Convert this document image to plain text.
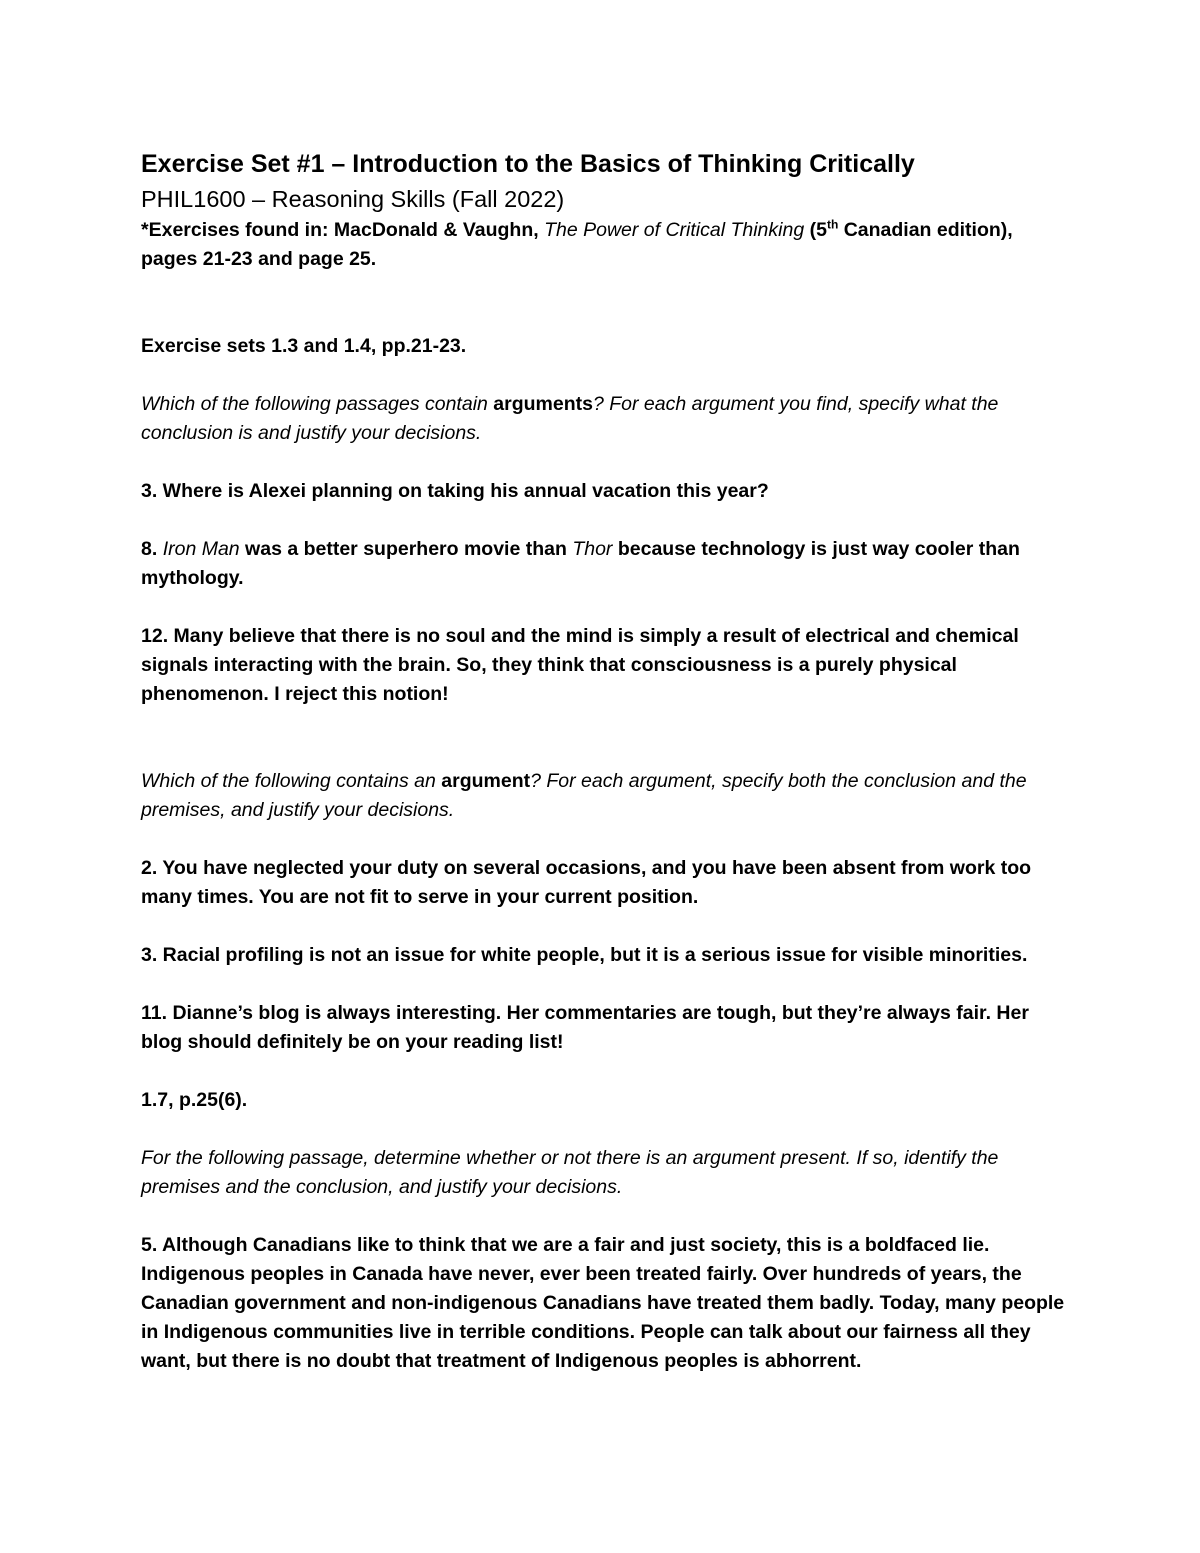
Exercise Set #1 – Introduction to the Basics of Thinking Critically

PHIL1600 – Reasoning Skills (Fall 2022)

*Exercises found in: MacDonald & Vaughn, The Power of Critical Thinking (5th Canadian edition),
pages 21-23 and page 25.

Exercise sets 1.3 and 1.4, pp.21-23.

Which of the following passages contain arguments? For each argument you find, specify what the conclusion is and justify your decisions.

3. Where is Alexei planning on taking his annual vacation this year?

8. Iron Man was a better superhero movie than Thor because technology is just way cooler than mythology.

12. Many believe that there is no soul and the mind is simply a result of electrical and chemical signals interacting with the brain. So, they think that consciousness is a purely physical phenomenon. I reject this notion!

Which of the following contains an argument? For each argument, specify both the conclusion and the premises, and justify your decisions.

2. You have neglected your duty on several occasions, and you have been absent from work too many times. You are not fit to serve in your current position.

3. Racial profiling is not an issue for white people, but it is a serious issue for visible minorities.

11. Dianne’s blog is always interesting. Her commentaries are tough, but they’re always fair. Her blog should definitely be on your reading list!

1.7, p.25(6).

For the following passage, determine whether or not there is an argument present. If so, identify the premises and the conclusion, and justify your decisions.

5. Although Canadians like to think that we are a fair and just society, this is a boldfaced lie. Indigenous peoples in Canada have never, ever been treated fairly. Over hundreds of years, the Canadian government and non-indigenous Canadians have treated them badly. Today, many people in Indigenous communities live in terrible conditions. People can talk about our fairness all they want, but there is no doubt that treatment of Indigenous peoples is abhorrent.
